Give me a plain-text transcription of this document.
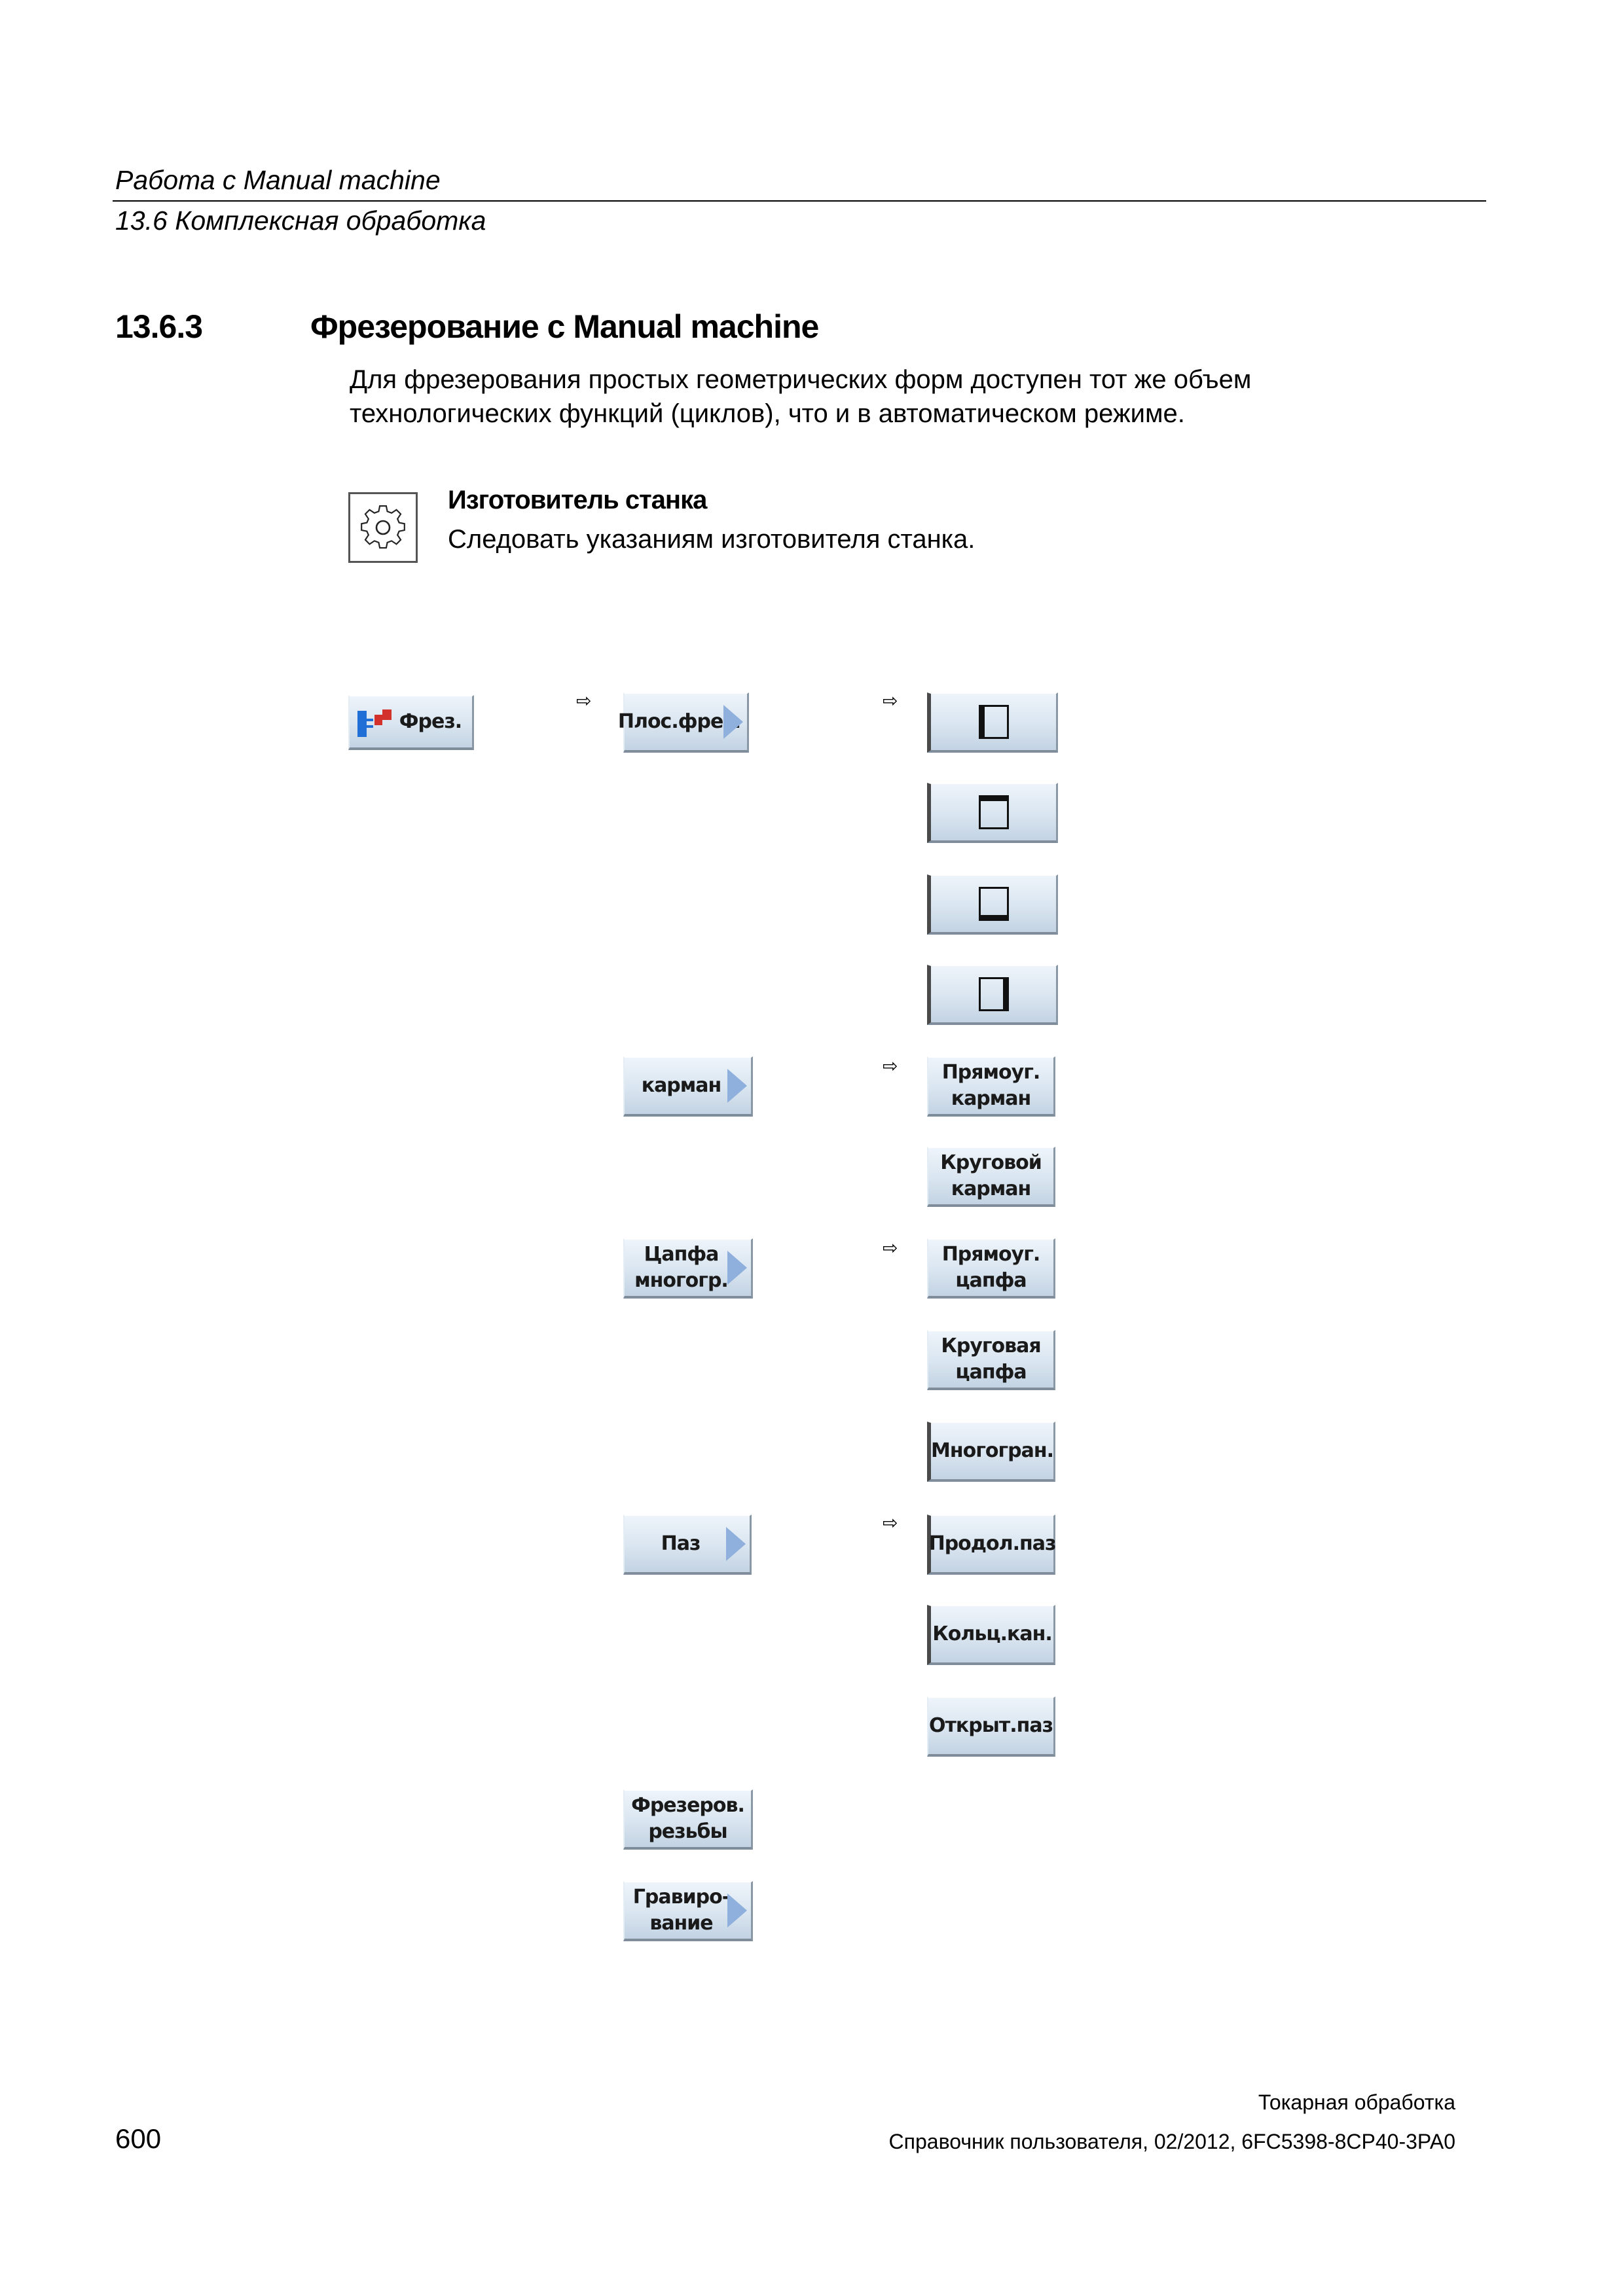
Работа с Manual machine
13.6 Комплексная обработка
13.6.3	Фрезерование с Manual machine
Для фрезерования простых геометрических форм доступен тот же объем
технологических функций (циклов), что и в автоматическом режиме.
Изготовитель станка
Следовать указаниям изготовителя станка.
Фрез.
⇨	⇨
⇨
⇨
⇨
Плос.фрез.
карман
Цапфа
многогр.
Паз
Фрезеров.
резьбы
Гравиро-
вание
Прямоуг.
карман
Круговой
карман
Прямоуг.
цапфа
Круговая
цапфа
Многогран.
Продол.паз
Кольц.кан.
Открыт.паз
Токарная обработка
600	Справочник пользователя, 02/2012, 6FC5398-8CP40-3PA0
